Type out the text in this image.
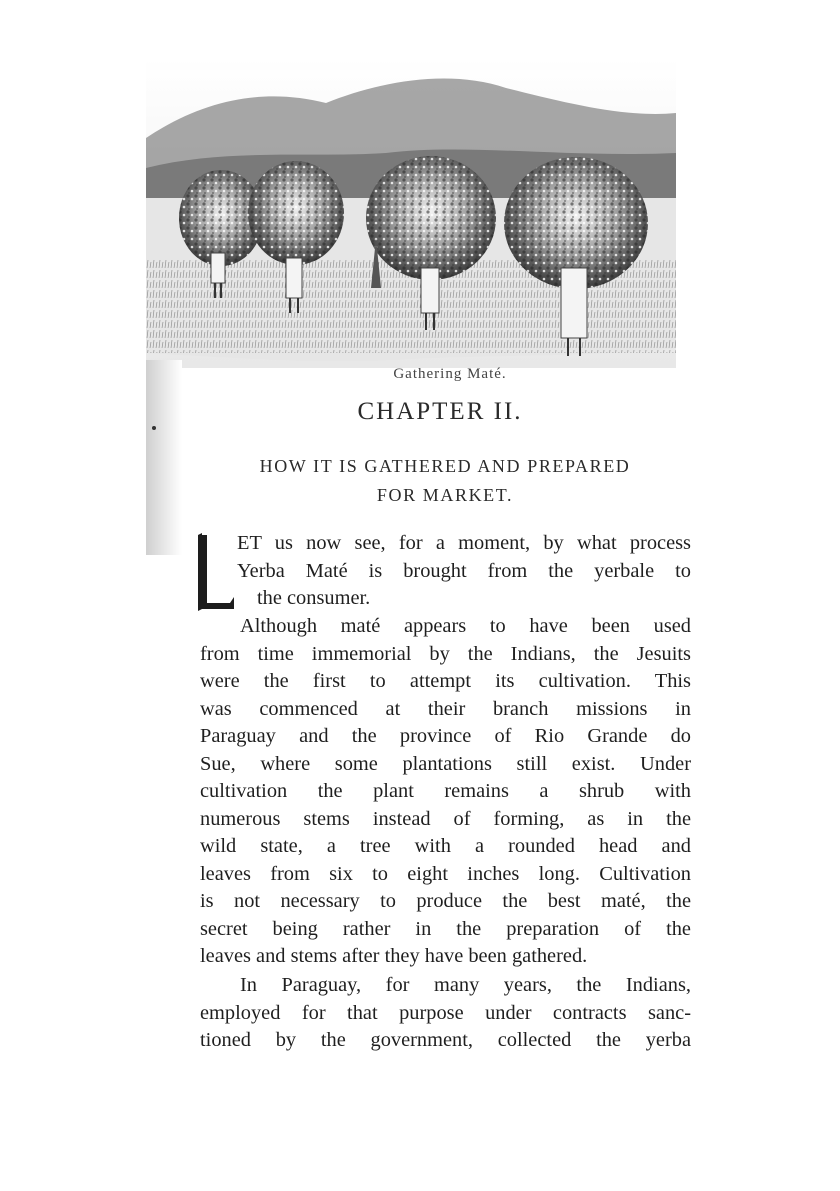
Gathering Maté.
CHAPTER II.
HOW IT IS GATHERED AND PREPARED
FOR MARKET.
ET us now see, for a moment, by what process
Yerba Maté is brought from the yerbale to
the consumer.
Although maté appears to have been used
from time immemorial by the Indians, the Jesuits
were the first to attempt its cultivation. This
was commenced at their branch missions in
Paraguay and the province of Rio Grande do
Sue, where some plantations still exist. Under
cultivation the plant remains a shrub with
numerous stems instead of forming, as in the
wild state, a tree with a rounded head and
leaves from six to eight inches long. Cultivation
is not necessary to produce the best maté, the
secret being rather in the preparation of the
leaves and stems after they have been gathered.
In Paraguay, for many years, the Indians,
employed for that purpose under contracts sanc-
tioned by the government, collected the yerba
